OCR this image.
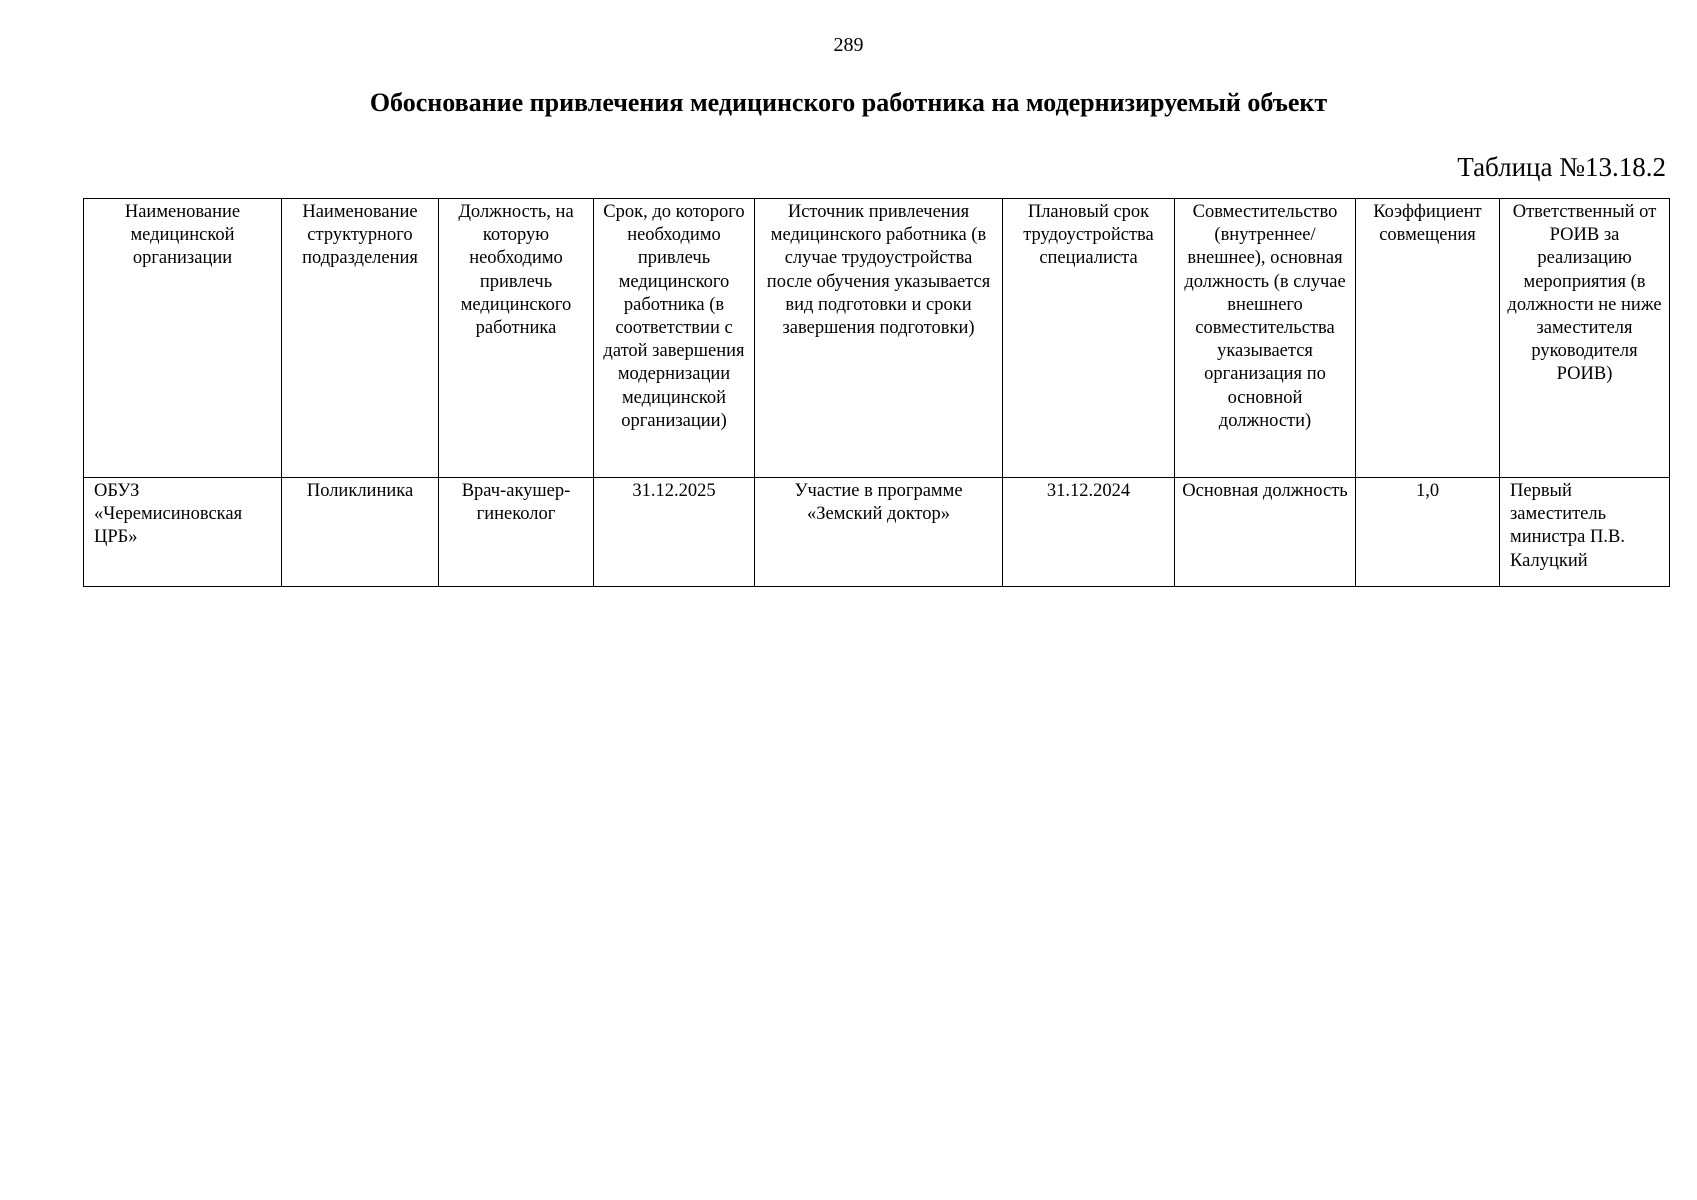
289
Обоснование привлечения медицинского работника на модернизируемый объект
Таблица №13.18.2
Наименование медицинской организации	Наименование структурного подразделения	Должность, на которую необходимо привлечь медицинского работника	Срок, до которого необходимо привлечь медицинского работника (в соответствии с датой завершения модернизации медицинской организации)	Источник привлечения медицинского работника (в случае трудоустройства после обучения указывается вид подготовки и сроки завершения подготовки)	Плановый срок трудоустройства специалиста	Совместительство (внутреннее/внешнее), основная должность (в случае внешнего совместительства указывается организация по основной должности)	Коэффициент совмещения	Ответственный от РОИВ за реализацию мероприятия (в должности не ниже заместителя руководителя РОИВ)
ОБУЗ «Черемисиновская ЦРБ»	Поликлиника	Врач-акушер-гинеколог	31.12.2025	Участие в программе «Земский доктор»	31.12.2024	Основная должность	1,0	Первый заместитель министра П.В. Калуцкий
